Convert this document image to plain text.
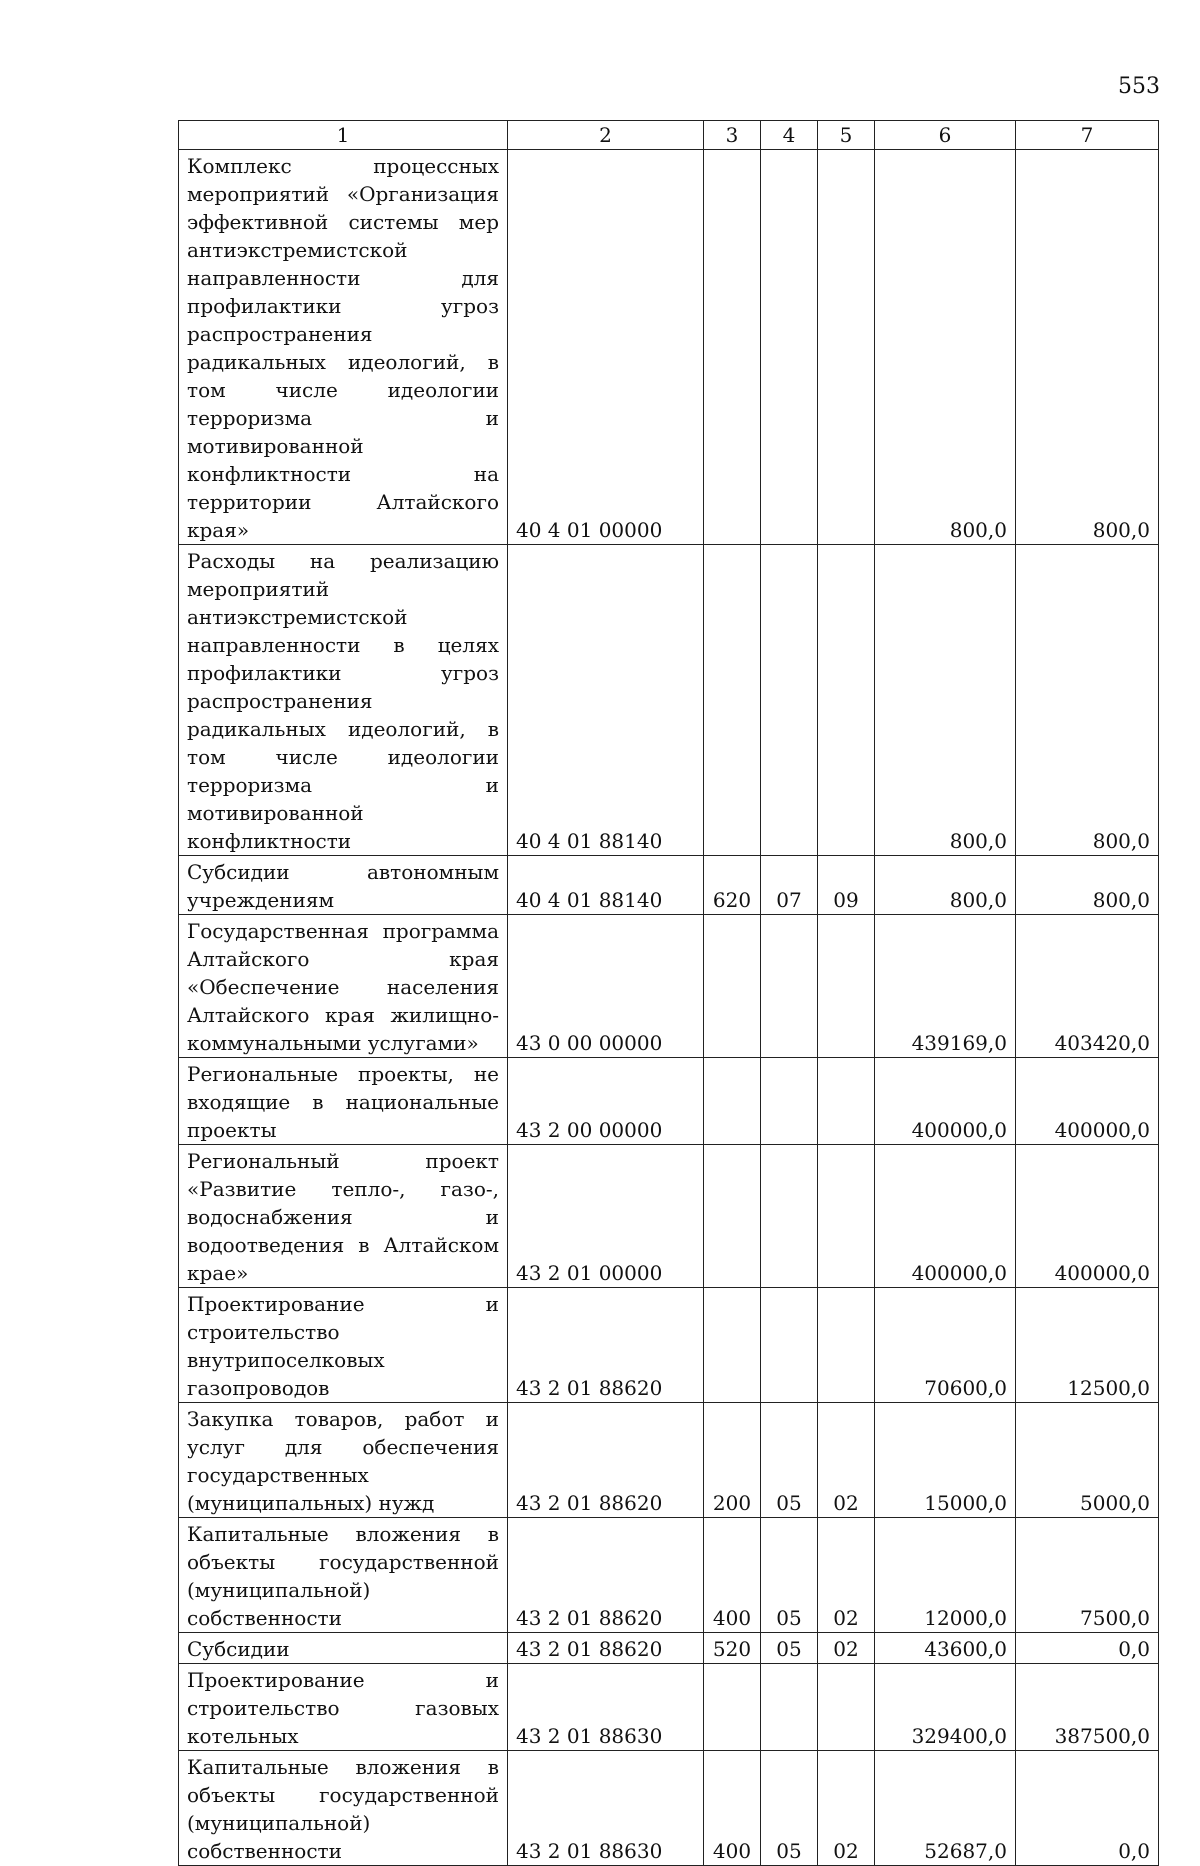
553
1	2	3	4	5	6	7
Комплекс процессных мероприятий «Организация эффективной системы мер антиэкстремистской направленности для профилактики угроз распространения радикальных идеологий, в том числе идеологии терроризма и мотивированной конфликтности на территории Алтайского края»	40 4 01 00000				800,0	800,0
Расходы на реализацию мероприятий антиэкстремистской направленности в целях профилактики угроз распространения радикальных идеологий, в том числе идеологии терроризма и мотивированной конфликтности	40 4 01 88140				800,0	800,0
Субсидии автономным учреждениям	40 4 01 88140	620	07	09	800,0	800,0
Государственная программа Алтайского края «Обеспечение населения Алтайского края жилищно-коммунальными услугами»	43 0 00 00000				439169,0	403420,0
Региональные проекты, не входящие в национальные проекты	43 2 00 00000				400000,0	400000,0
Региональный проект «Развитие тепло-, газо-, водоснабжения и водоотведения в Алтайском крае»	43 2 01 00000				400000,0	400000,0
Проектирование и строительство внутрипоселковых газопроводов	43 2 01 88620				70600,0	12500,0
Закупка товаров, работ и услуг для обеспечения государственных (муниципальных) нужд	43 2 01 88620	200	05	02	15000,0	5000,0
Капитальные вложения в объекты государственной (муниципальной) собственности	43 2 01 88620	400	05	02	12000,0	7500,0
Субсидии	43 2 01 88620	520	05	02	43600,0	0,0
Проектирование и строительство газовых котельных	43 2 01 88630				329400,0	387500,0
Капитальные вложения в объекты государственной (муниципальной) собственности	43 2 01 88630	400	05	02	52687,0	0,0
